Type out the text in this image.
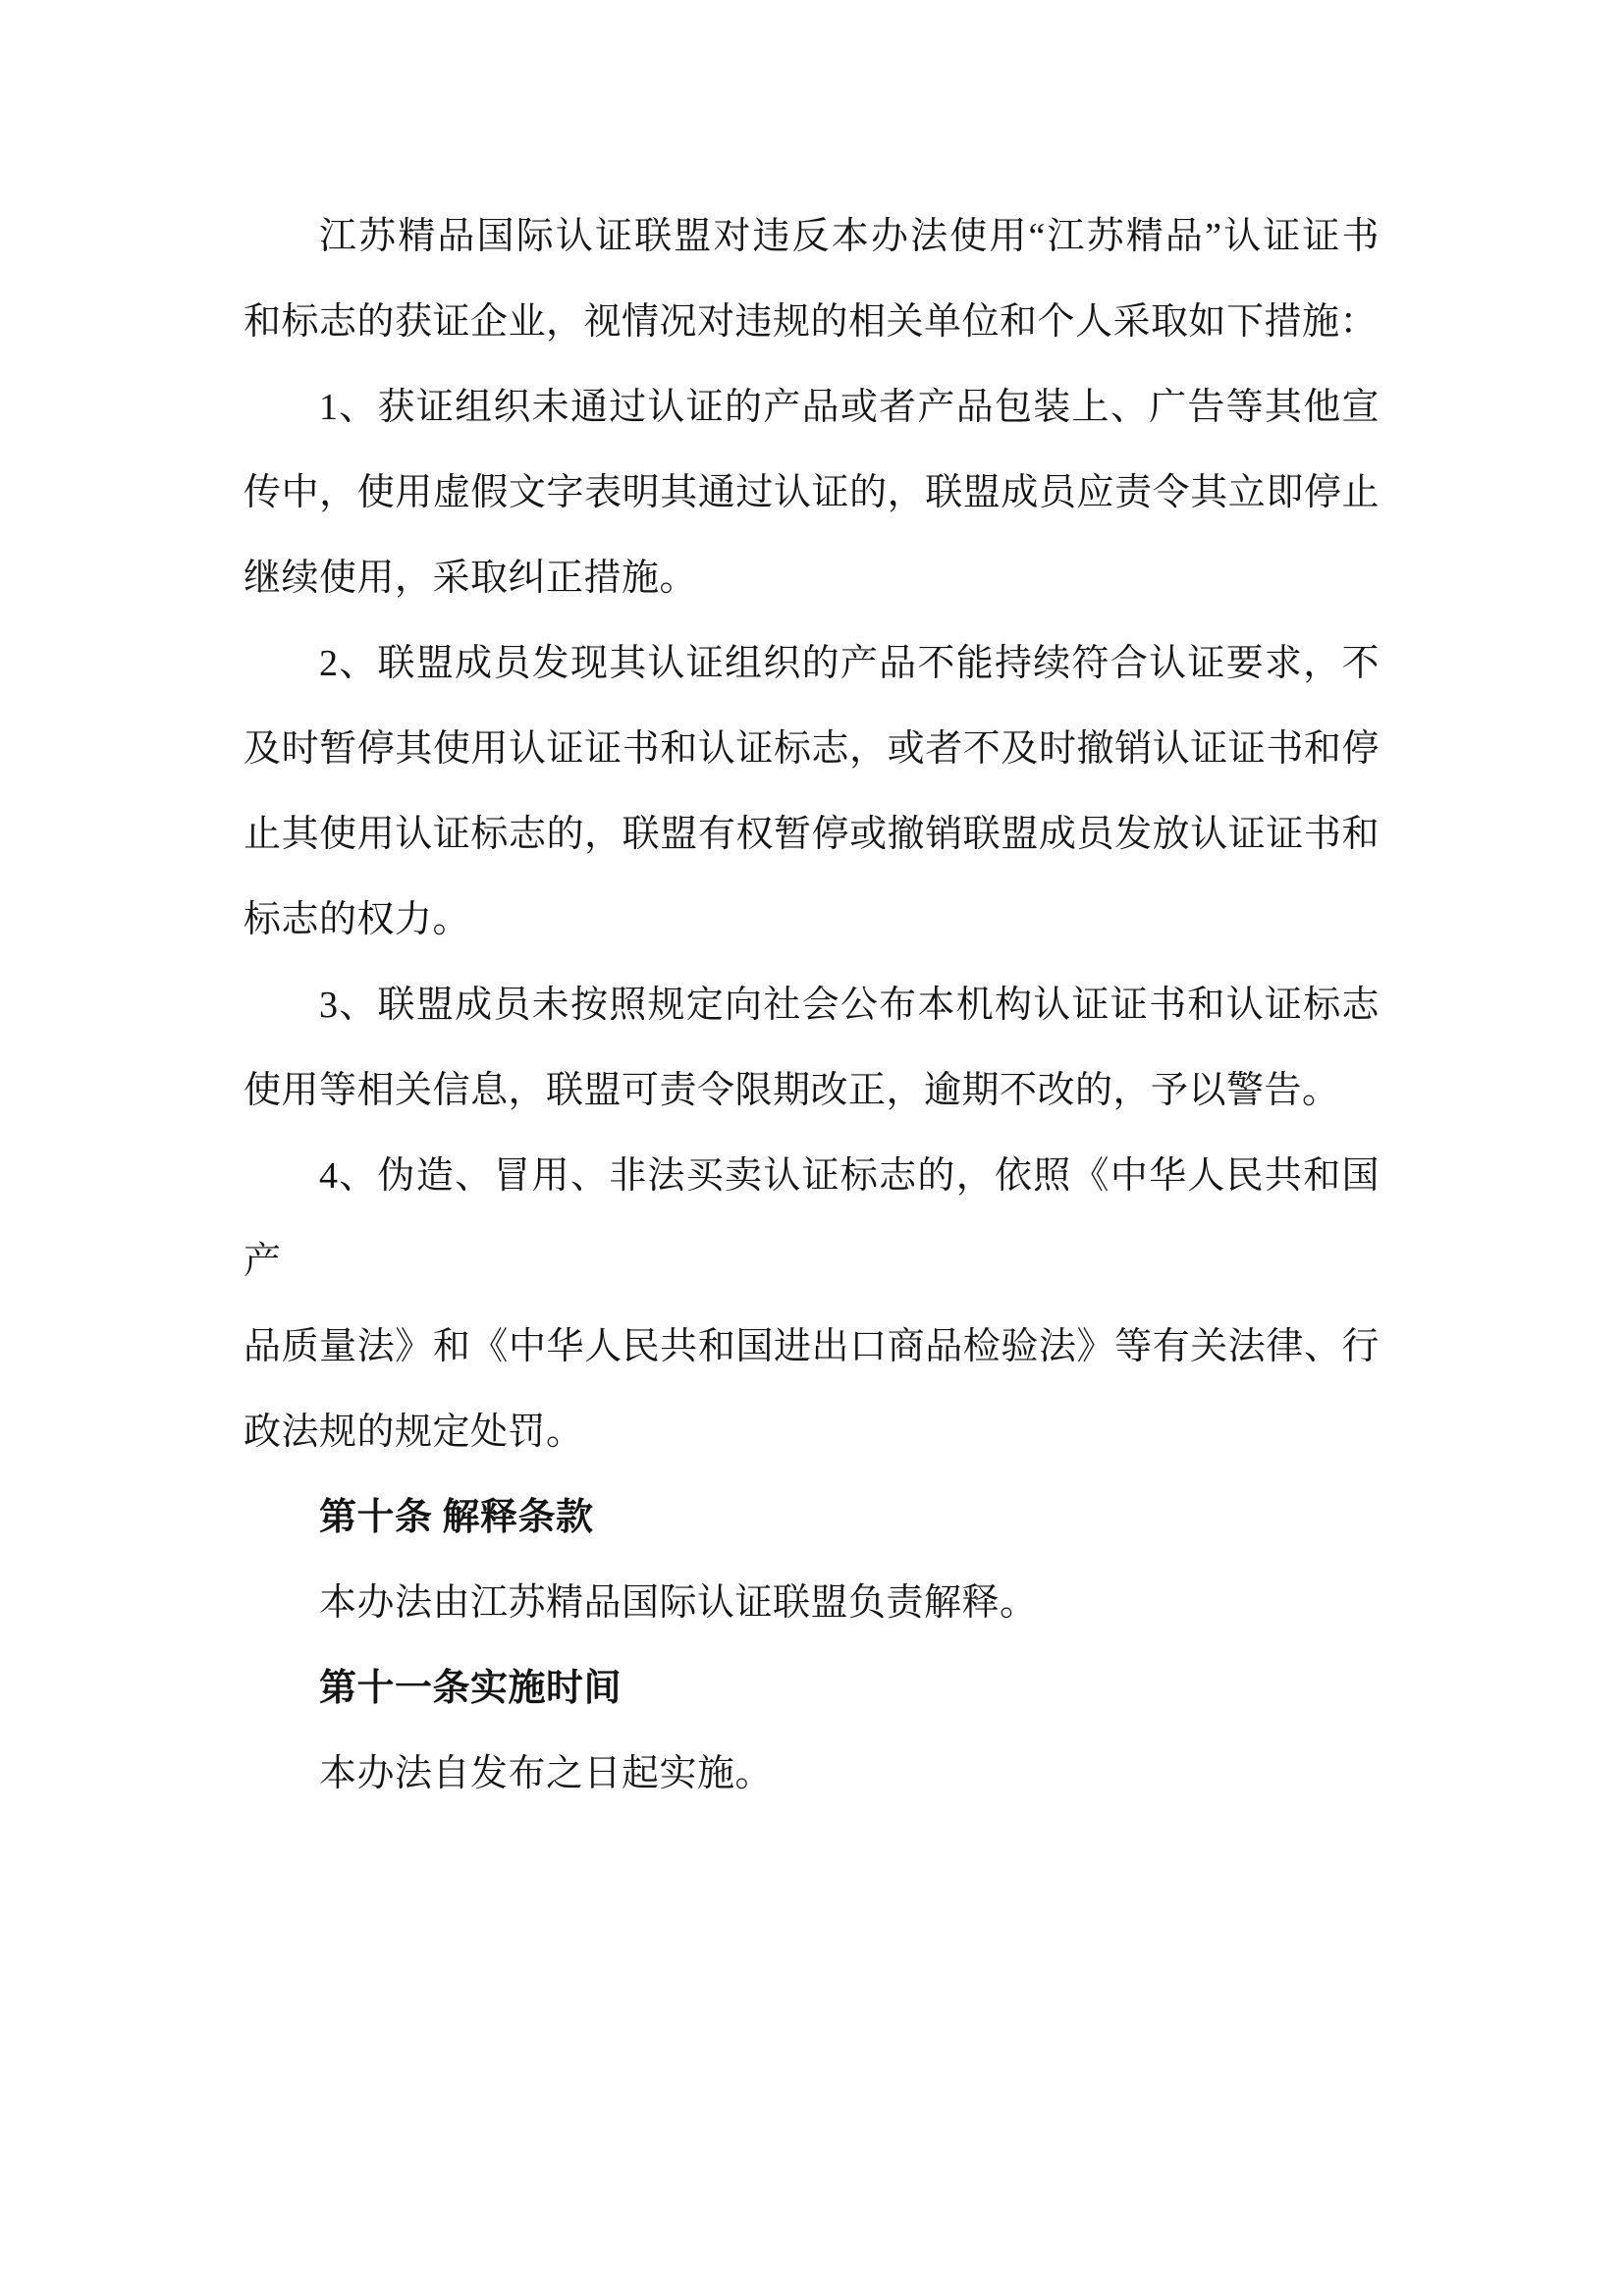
江苏精品国际认证联盟对违反本办法使用“江苏精品”认证证书
和标志的获证企业，视情况对违规的相关单位和个人采取如下措施：
1、获证组织未通过认证的产品或者产品包装上、广告等其他宣
传中，使用虚假文字表明其通过认证的，联盟成员应责令其立即停止
继续使用，采取纠正措施。
2、联盟成员发现其认证组织的产品不能持续符合认证要求，不
及时暂停其使用认证证书和认证标志，或者不及时撤销认证证书和停
止其使用认证标志的，联盟有权暂停或撤销联盟成员发放认证证书和
标志的权力。
3、联盟成员未按照规定向社会公布本机构认证证书和认证标志
使用等相关信息，联盟可责令限期改正，逾期不改的，予以警告。
4、伪造、冒用、非法买卖认证标志的，依照《中华人民共和国产
品质量法》和《中华人民共和国进出口商品检验法》等有关法律、行
政法规的规定处罚。
第十条 解释条款
本办法由江苏精品国际认证联盟负责解释。
第十一条实施时间
本办法自发布之日起实施。
